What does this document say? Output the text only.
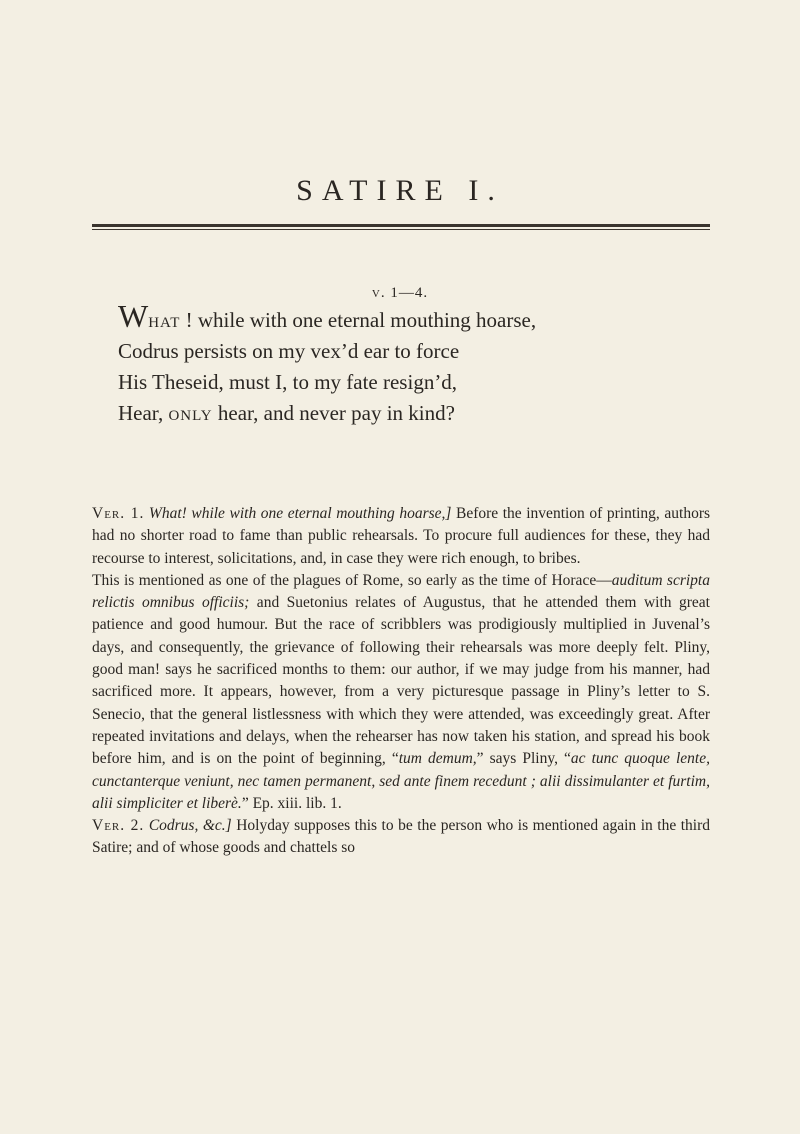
SATIRE I.
v. 1—4.
What ! while with one eternal mouthing hoarse,
Codrus persists on my vex’d ear to force
His Theseid, must I, to my fate resign’d,
Hear, only hear, and never pay in kind?

Ver. 1. What! while with one eternal mouthing hoarse,] Before the invention of printing, authors had no shorter road to fame than public rehearsals. To procure full audiences for these, they had recourse to interest, solicitations, and, in case they were rich enough, to bribes.

This is mentioned as one of the plagues of Rome, so early as the time of Horace—auditum scripta relictis omnibus officiis; and Suetonius relates of Augustus, that he attended them with great patience and good humour. But the race of scribblers was prodigiously multiplied in Juvenal’s days, and consequently, the grievance of following their rehearsals was more deeply felt. Pliny, good man! says he sacrificed months to them: our author, if we may judge from his manner, had sacrificed more. It appears, however, from a very picturesque passage in Pliny’s letter to S. Senecio, that the general listlessness with which they were attended, was exceedingly great. After repeated invitations and delays, when the rehearser has now taken his station, and spread his book before him, and is on the point of beginning, “tum demum,” says Pliny, “ac tunc quoque lente, cunctanterque veniunt, nec tamen permanent, sed ante finem recedunt ; alii dissimulanter et furtim, alii simpliciter et liberè.” Ep. xiii. lib. 1.

Ver. 2. Codrus, &c.] Holyday supposes this to be the person who is mentioned again in the third Satire; and of whose goods and chattels so
